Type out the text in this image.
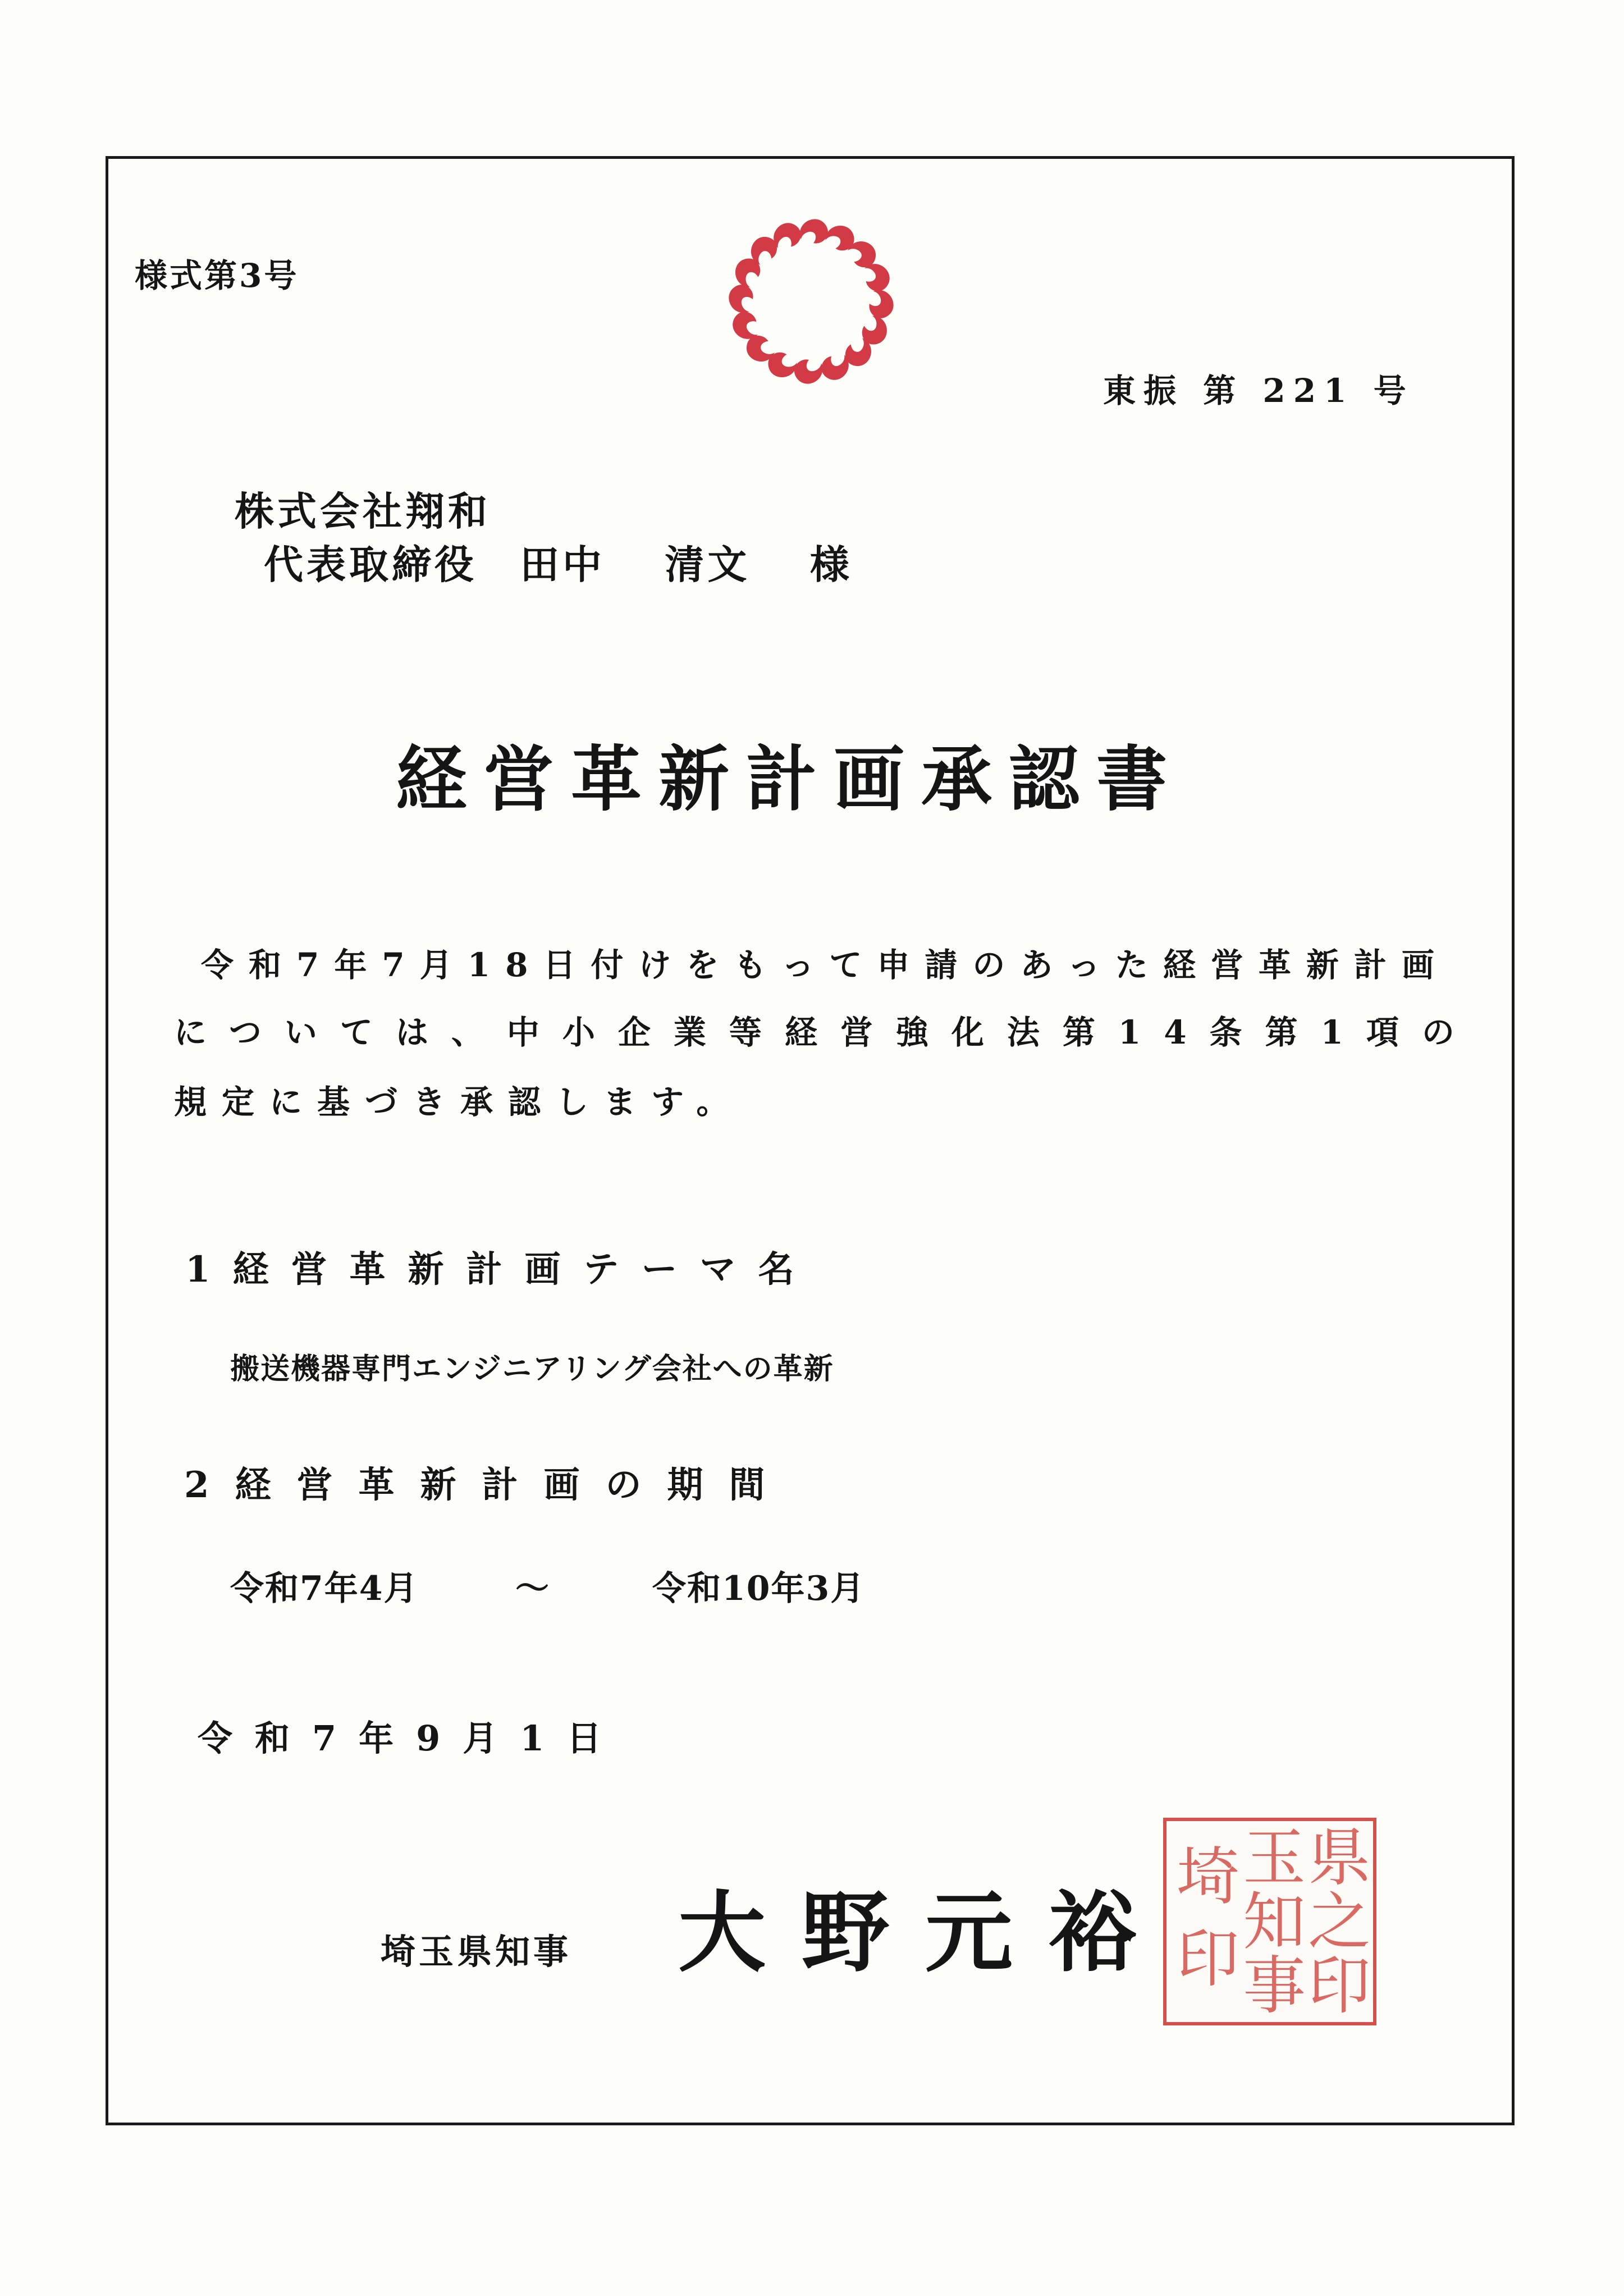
様式第3号
東振 第 221 号
株式会社翔和
代表取締役　田中　 清文　 様
経営革新計画承認書
令和7年7月18日付けをもって申請のあった経営革新計画
については、中小企業等経営強化法第14条第1項の
規定に基づき承認します。
1経営革新計画テーマ名
搬送機器専門エンジニアリング会社への革新
2経営革新計画の期間
令和7年4月	～	令和10年3月
令和7年9月1日
埼玉県知事 大野元裕
県
之
印
玉
知
事
埼
印
